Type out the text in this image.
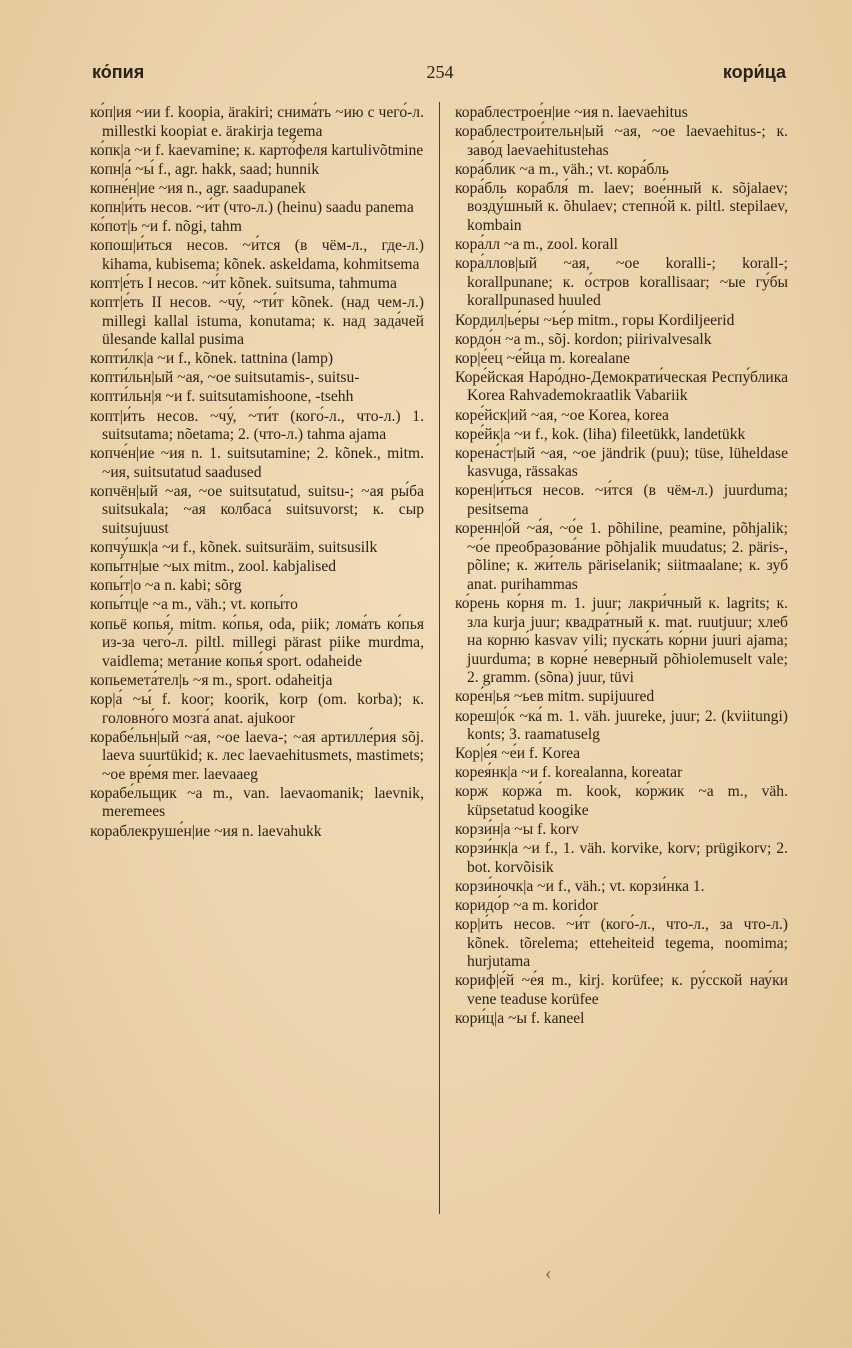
ко́пия	254	кори́ца
‹
ко́п|ия ~ии f. koopia, ärakiri; снима́ть ~ию с чего́-л. millestki koopiat e. ärakirja tegema
ко́пк|а ~и f. kaevamine; к. карто́феля kartulivõtmine
копн|а́ ~ы́ f., agr. hakk, saad; hunnik
копне́н|ие ~ия n., agr. saadupanek
копн|и́ть несов. ~и́т (что-л.) (heinu) saadu panema
ко́пот|ь ~и f. nõgi, tahm
копош|и́ться несов. ~и́тся (в чём-л., где-л.) kihama, kubisema; kõnek. askeldama, kohmitsema
копт|е́ть I несов. ~и́т kõnek. suitsuma, tahmuma
копт|е́ть II несов. ~чу́, ~ти́т kõnek. (над чем-л.) millegi kallal istuma, konutama; к. над зада́чей ülesande kallal pusima
копти́лк|а ~и f., kõnek. tattnina (lamp)
копти́льн|ый ~ая, ~ое suitsutamis-, suitsu-
копти́льн|я ~и f. suitsutamishoone, -tsehh
копт|и́ть несов. ~чу́, ~ти́т (кого́-л., что-л.) 1. suitsutama; nõetama; 2. (что-л.) tahma ajama
копче́н|ие ~ия n. 1. suitsutamine; 2. kõnek., mitm. ~ия, suitsutatud saadused
копчён|ый ~ая, ~ое suitsutatud, suitsu-; ~ая ры́ба suitsukala; ~ая колбаса́ suitsuvorst; к. сыр suitsujuust
копчу́шк|а ~и f., kõnek. suitsuräim, suitsusilk
копы́тн|ые ~ых mitm., zool. kabjalised
копы́т|о ~а n. kabi; sõrg
копы́тц|е ~а m., väh.; vt. копы́то
копьё копья́, mitm. ко́пья, oda, piik; лома́ть ко́пья из-за чего́-л. piltl. millegi pärast piike murdma, vaidlema; мета́ние копья́ sport. odaheide
копьемета́тел|ь ~я m., sport. odaheitja
кор|а́ ~ы́ f. koor; koorik, korp (om. korba); к. головно́го мозга́ anat. ajukoor
корабе́льн|ый ~ая, ~ое laeva-; ~ая артилле́рия sõj. laeva suurtükid; к. лес laevaehitusmets, mastimets; ~ое вре́мя mer. laevaaeg
корабе́льщик ~а m., van. laevaomanik; laevnik, meremees
кораблекруше́н|ие ~ия n. laevahukk
кораблестрое́н|ие ~ия n. laevaehitus
кораблестрои́тельн|ый ~ая, ~ое laevaehitus-; к. заво́д laevaehitustehas
кора́блик ~а m., väh.; vt. кора́бль
кора́бль корабля́ m. laev; вое́нный к. sõjalaev; возду́шный к. õhulaev; степно́й к. piltl. stepilaev, kombain
кора́лл ~а m., zool. korall
кора́ллов|ый ~ая, ~ое koralli-; korall-; korallpunane; к. о́стров korallisaar; ~ые гу́бы korallpunased huuled
Кордил|ье́ры ~ье́р mitm., горы Kordiljeerid
кордо́н ~а m., sõj. kordon; piirivalvesalk
кор|е́ец ~е́йца m. korealane
Коре́йская Наро́дно-Демократи́ческая Респу́блика Korea Rahvademokraatlik Vabariik
коре́йск|ий ~ая, ~ое Korea, korea
коре́йк|а ~и f., kok. (liha) fileetükk, landetükk
корена́ст|ый ~ая, ~ое jändrik (puu); tüse, lüheldase kasvuga, rässakas
корен|и́ться несов. ~и́тся (в чём-л.) juurduma; pesitsema
коренн|о́й ~а́я, ~о́е 1. põhiline, peamine, põhjalik; ~о́е преобразова́ние põhjalik muudatus; 2. päris-, põline; к. жи́тель päriselanik; siitmaalane; к. зуб anat. purihammas
ко́рень ко́рня m. 1. juur; лакри́чный к. lagrits; к. зла kurja juur; квадра́тный к. mat. ruutjuur; хлеб на корню́ kasvav vili; пуска́ть ко́рни juuri ajama; juurduma; в корне́ неве́рный põhiolemuselt vale; 2. gramm. (sõna) juur, tüvi
коре́н|ья ~ьев mitm. supijuured
кореш|о́к ~ка́ m. 1. väh. juureke, juur; 2. (kviitungi) konts; 3. raamatuselg
Кор|е́я ~е́и f. Korea
корея́нк|а ~и f. korealanna, koreatar
корж коржа́ m. kook, ко́ржик ~а m., väh. küpsetatud koogike
корзи́н|а ~ы f. korv
корзи́нк|а ~и f., 1. väh. korvike, korv; prügikorv; 2. bot. korvõisik
корзи́ночк|а ~и f., väh.; vt. корзи́нка 1.
коридо́р ~а m. koridor
кор|и́ть несов. ~и́т (кого́-л., что-л., за что-л.) kõnek. tõrelema; etteheiteid tegema, noomima; hurjutama
кориф|е́й ~е́я m., kirj. korüfee; к. ру́сской нау́ки vene teaduse korüfee
кори́ц|а ~ы f. kaneel
